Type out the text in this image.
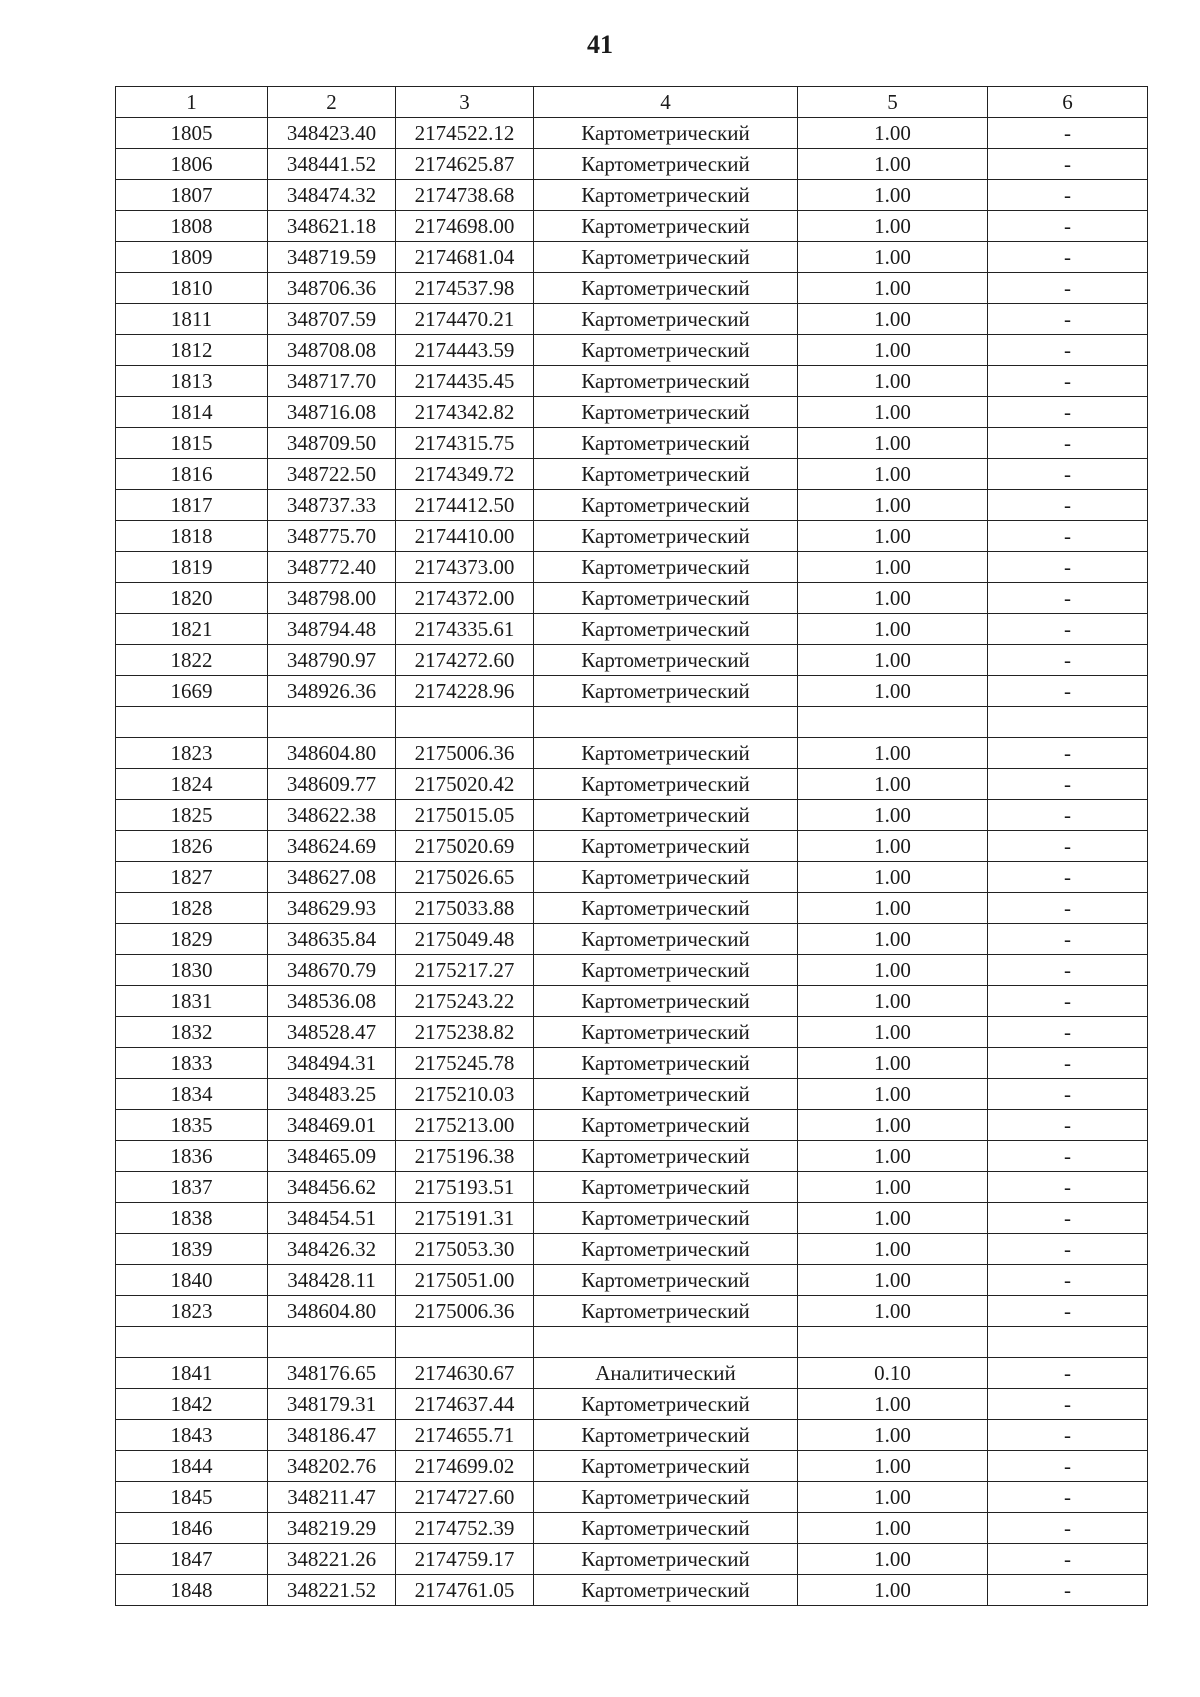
41
1	2	3	4	5	6
1805	348423.40	2174522.12	Картометрический	1.00	-
1806	348441.52	2174625.87	Картометрический	1.00	-
1807	348474.32	2174738.68	Картометрический	1.00	-
1808	348621.18	2174698.00	Картометрический	1.00	-
1809	348719.59	2174681.04	Картометрический	1.00	-
1810	348706.36	2174537.98	Картометрический	1.00	-
1811	348707.59	2174470.21	Картометрический	1.00	-
1812	348708.08	2174443.59	Картометрический	1.00	-
1813	348717.70	2174435.45	Картометрический	1.00	-
1814	348716.08	2174342.82	Картометрический	1.00	-
1815	348709.50	2174315.75	Картометрический	1.00	-
1816	348722.50	2174349.72	Картометрический	1.00	-
1817	348737.33	2174412.50	Картометрический	1.00	-
1818	348775.70	2174410.00	Картометрический	1.00	-
1819	348772.40	2174373.00	Картометрический	1.00	-
1820	348798.00	2174372.00	Картометрический	1.00	-
1821	348794.48	2174335.61	Картометрический	1.00	-
1822	348790.97	2174272.60	Картометрический	1.00	-
1669	348926.36	2174228.96	Картометрический	1.00	-

1823	348604.80	2175006.36	Картометрический	1.00	-
1824	348609.77	2175020.42	Картометрический	1.00	-
1825	348622.38	2175015.05	Картометрический	1.00	-
1826	348624.69	2175020.69	Картометрический	1.00	-
1827	348627.08	2175026.65	Картометрический	1.00	-
1828	348629.93	2175033.88	Картометрический	1.00	-
1829	348635.84	2175049.48	Картометрический	1.00	-
1830	348670.79	2175217.27	Картометрический	1.00	-
1831	348536.08	2175243.22	Картометрический	1.00	-
1832	348528.47	2175238.82	Картометрический	1.00	-
1833	348494.31	2175245.78	Картометрический	1.00	-
1834	348483.25	2175210.03	Картометрический	1.00	-
1835	348469.01	2175213.00	Картометрический	1.00	-
1836	348465.09	2175196.38	Картометрический	1.00	-
1837	348456.62	2175193.51	Картометрический	1.00	-
1838	348454.51	2175191.31	Картометрический	1.00	-
1839	348426.32	2175053.30	Картометрический	1.00	-
1840	348428.11	2175051.00	Картометрический	1.00	-
1823	348604.80	2175006.36	Картометрический	1.00	-

1841	348176.65	2174630.67	Аналитический	0.10	-
1842	348179.31	2174637.44	Картометрический	1.00	-
1843	348186.47	2174655.71	Картометрический	1.00	-
1844	348202.76	2174699.02	Картометрический	1.00	-
1845	348211.47	2174727.60	Картометрический	1.00	-
1846	348219.29	2174752.39	Картометрический	1.00	-
1847	348221.26	2174759.17	Картометрический	1.00	-
1848	348221.52	2174761.05	Картометрический	1.00	-
